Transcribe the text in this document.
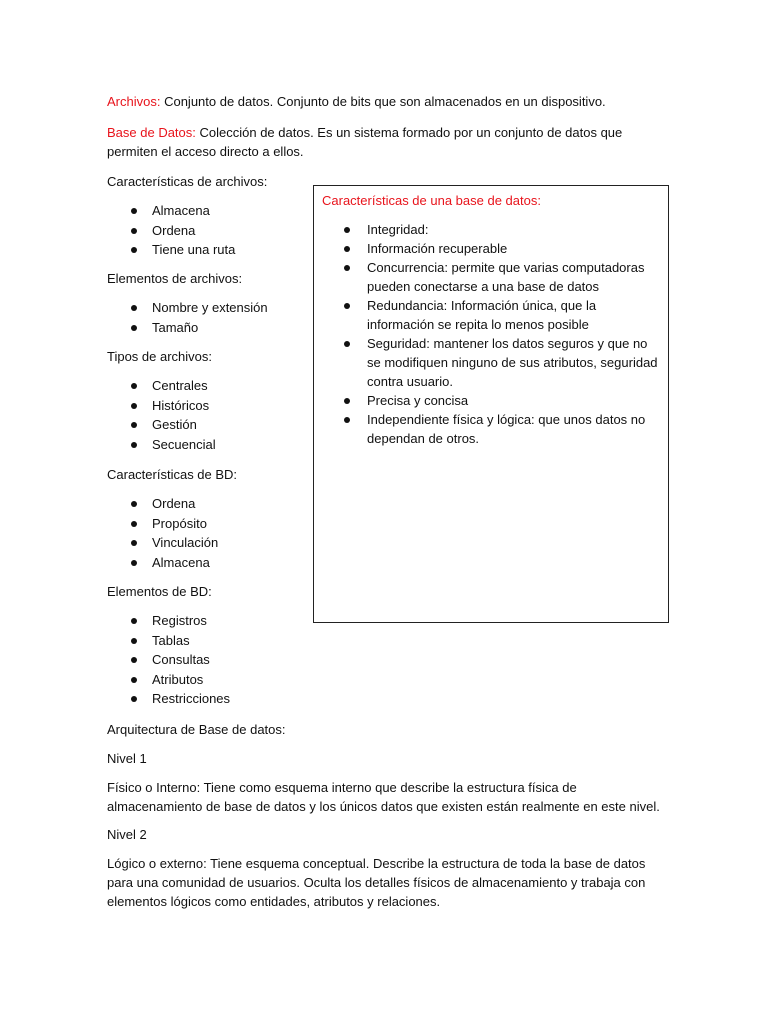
Archivos: Conjunto de datos. Conjunto de bits que son almacenados en un dispositivo.

Base de Datos: Colección de datos. Es un sistema formado por un conjunto de datos que permiten el acceso directo a ellos.

Características de archivos:

Almacena
Ordena
Tiene una ruta

Elementos de archivos:

Nombre y extensión
Tamaño

Tipos de archivos:

Centrales
Históricos
Gestión
Secuencial

Características de BD:

Ordena
Propósito
Vinculación
Almacena

Elementos de BD:

Registros
Tablas
Consultas
Atributos
Restricciones

Características de una base de datos:

Integridad:
Información recuperable
Concurrencia: permite que varias computadoras pueden conectarse a una base de datos
Redundancia: Información única, que la información se repita lo menos posible
Seguridad: mantener los datos seguros y que no se modifiquen ninguno de sus atributos, seguridad contra usuario.
Precisa y concisa
Independiente física y lógica: que unos datos no dependan de otros.

Arquitectura de Base de datos:

Nivel 1

Físico o Interno: Tiene como esquema interno que describe la estructura física de almacenamiento de base de datos y los únicos datos que existen están realmente en este nivel.

Nivel 2

Lógico o externo: Tiene esquema conceptual. Describe la estructura de toda la base de datos para una comunidad de usuarios. Oculta los detalles físicos de almacenamiento y trabaja con elementos lógicos como entidades, atributos y relaciones.
